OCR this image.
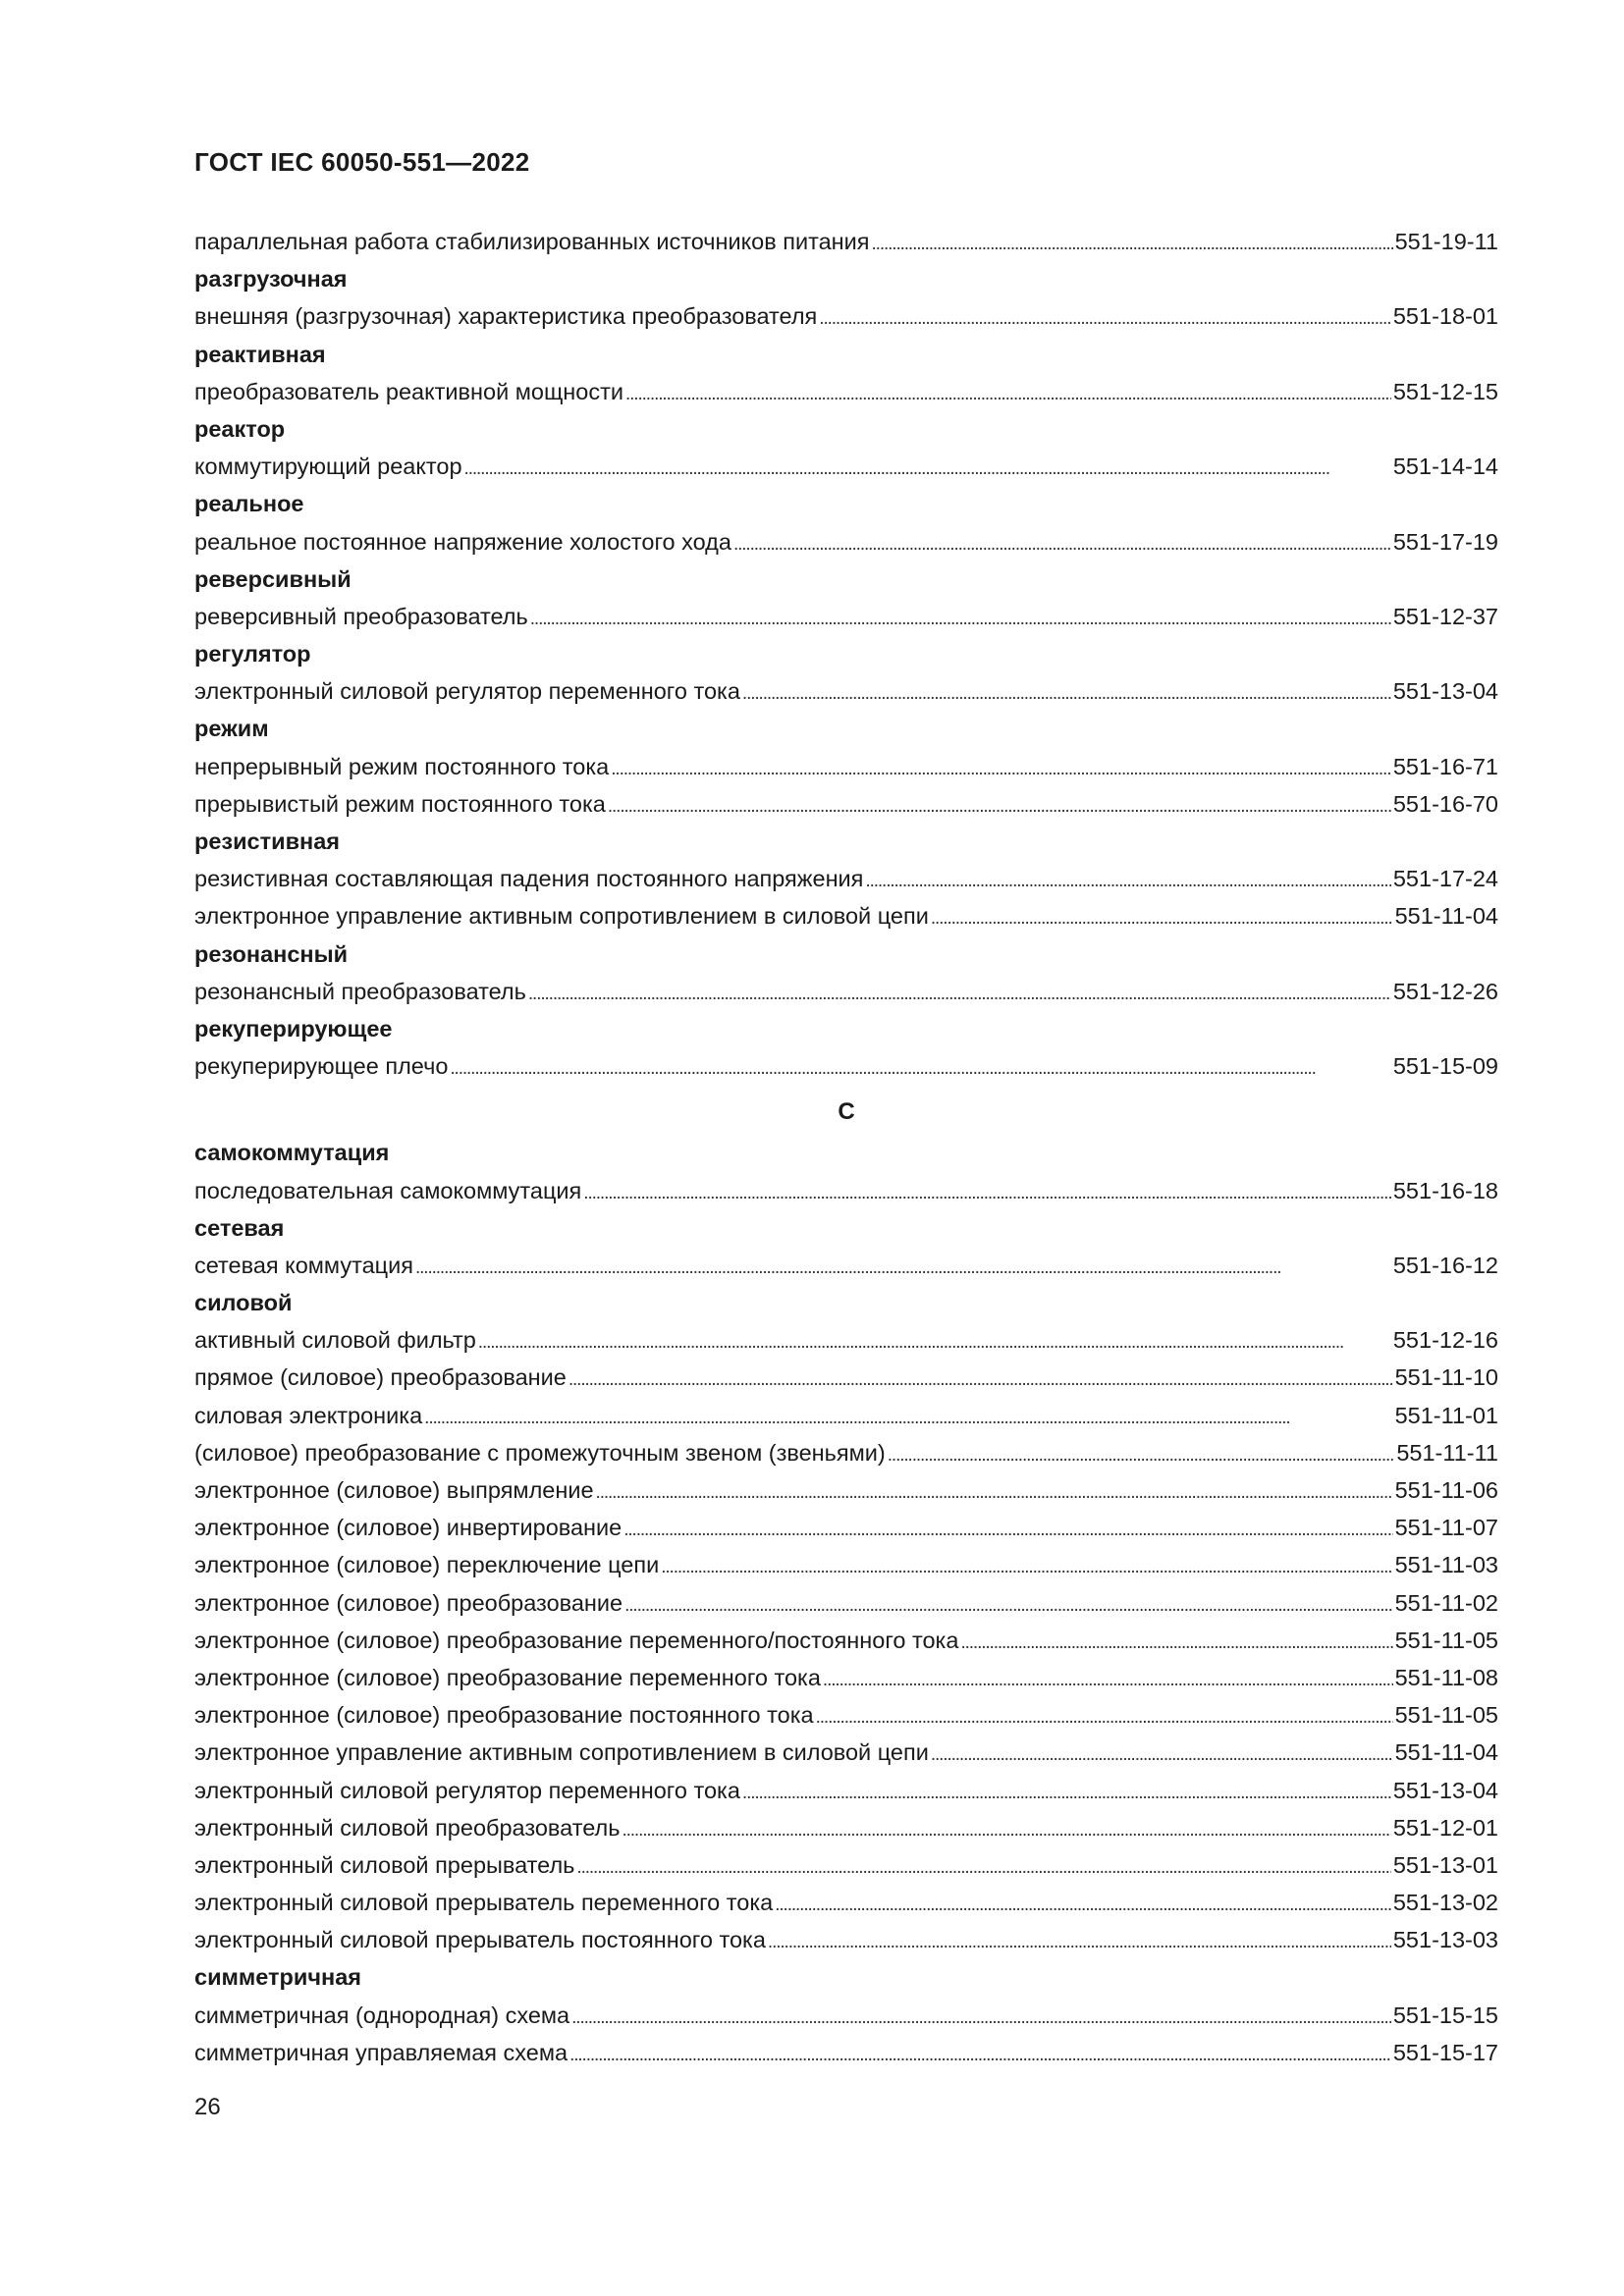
ГОСТ IEC 60050-551—2022
параллельная работа стабилизированных источников питания . . .	551-19-11
разгрузочная
внешняя (разгрузочная) характеристика преобразователя . . .	551-18-01
реактивная
преобразователь реактивной мощности . . .	551-12-15
реактор
коммутирующий реактор . . .	551-14-14
реальное
реальное постоянное напряжение холостого хода . . .	551-17-19
реверсивный
реверсивный преобразователь . . .	551-12-37
регулятор
электронный силовой регулятор переменного тока . . .	551-13-04
режим
непрерывный режим постоянного тока . . .	551-16-71
прерывистый режим постоянного тока . . .	551-16-70
резистивная
резистивная составляющая падения постоянного напряжения . . .	551-17-24
электронное управление активным сопротивлением в силовой цепи . . .	551-11-04
резонансный
резонансный преобразователь . . .	551-12-26
рекуперирующее
рекуперирующее плечо . . .	551-15-09
С
самокоммутация
последовательная самокоммутация . . .	551-16-18
сетевая
сетевая коммутация . . .	551-16-12
силовой
активный силовой фильтр . . .	551-12-16
прямое (силовое) преобразование . . .	551-11-10
силовая электроника . . .	551-11-01
(силовое) преобразование с промежуточным звеном (звеньями) . . .	551-11-11
электронное (силовое) выпрямление . . .	551-11-06
электронное (силовое) инвертирование . . .	551-11-07
электронное (силовое) переключение цепи . . .	551-11-03
электронное (силовое) преобразование . . .	551-11-02
электронное (силовое) преобразование переменного/постоянного тока . . .	551-11-05
электронное (силовое) преобразование переменного тока . . .	551-11-08
электронное (силовое) преобразование постоянного тока . . .	551-11-05
электронное управление активным сопротивлением в силовой цепи . . .	551-11-04
электронный силовой регулятор переменного тока . . .	551-13-04
электронный силовой преобразователь . . .	551-12-01
электронный силовой прерыватель . . .	551-13-01
электронный силовой прерыватель переменного тока . . .	551-13-02
электронный силовой прерыватель постоянного тока . . .	551-13-03
симметричная
симметричная (однородная) схема . . .	551-15-15
симметричная управляемая схема . . .	551-15-17
26
